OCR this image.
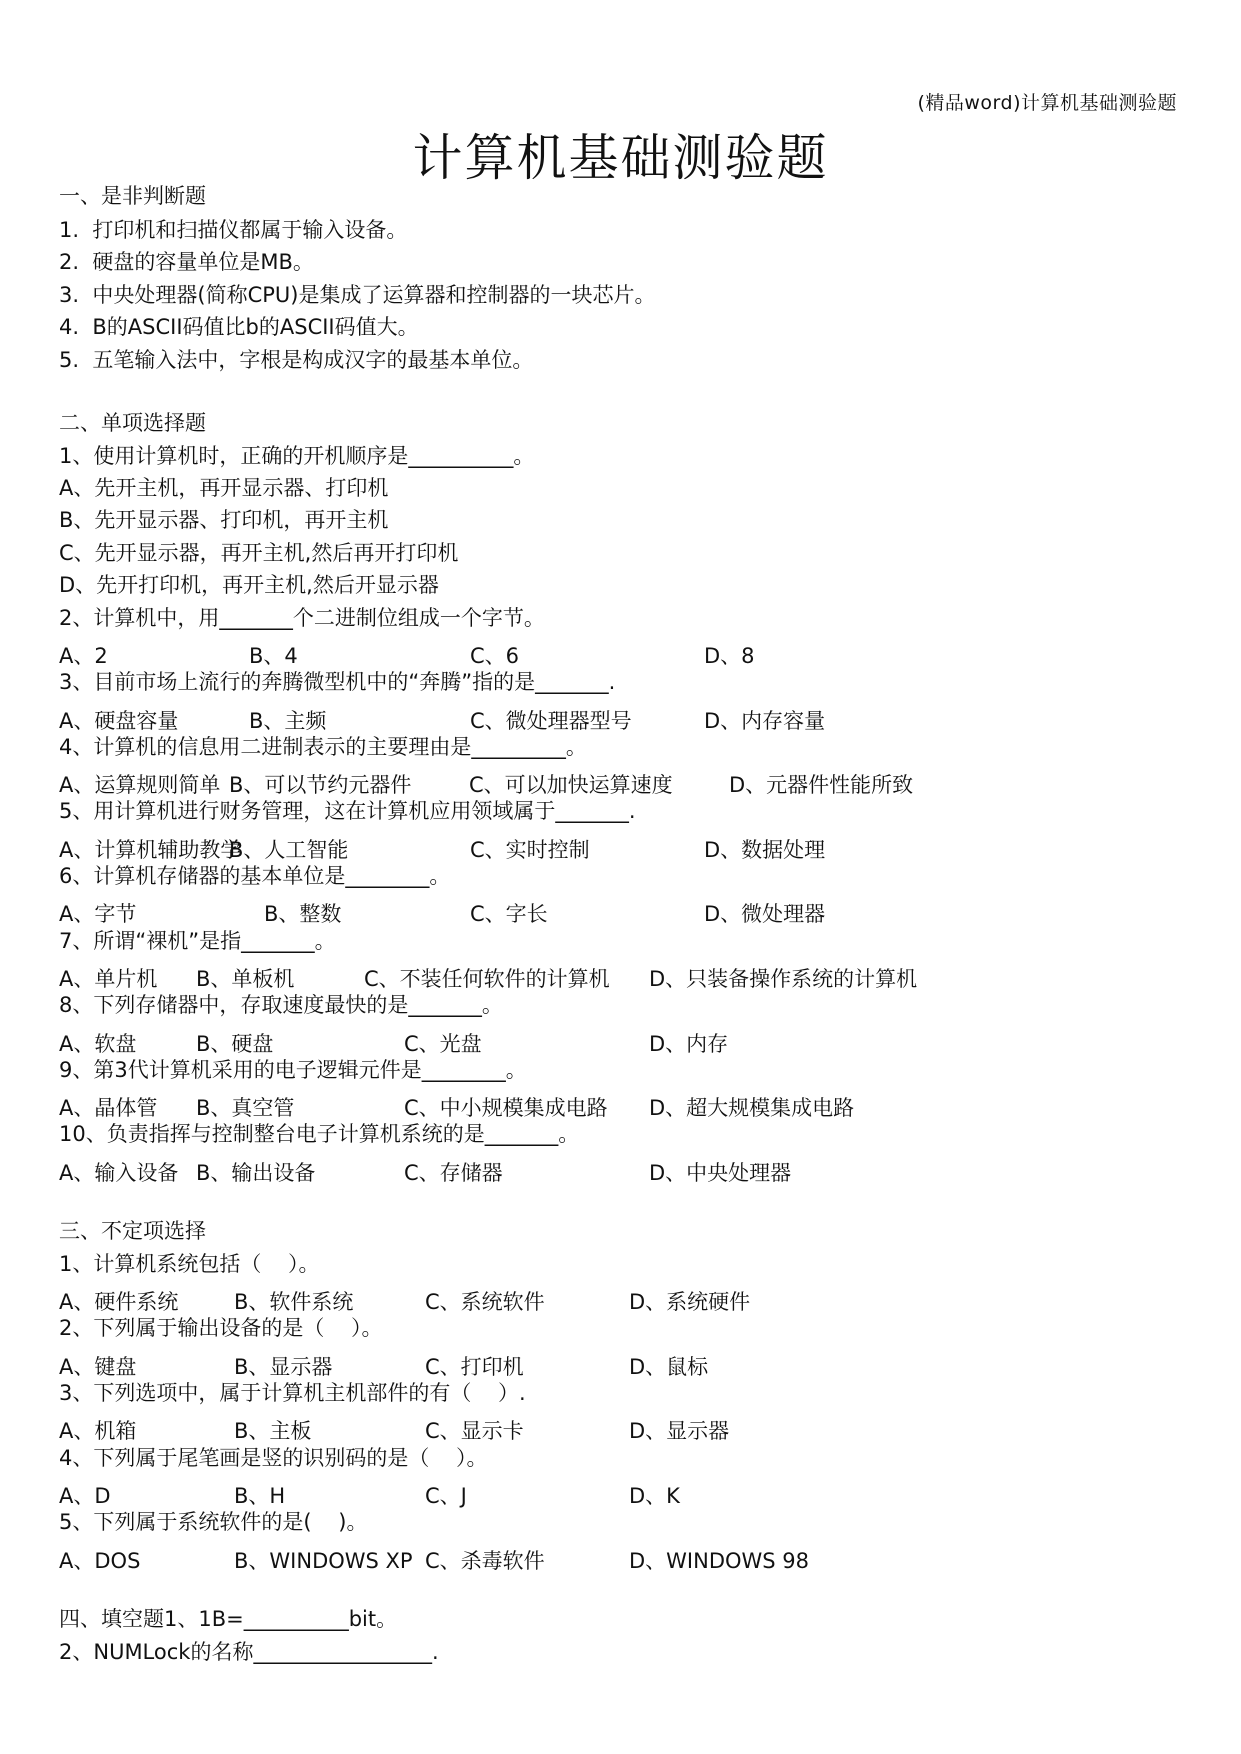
(精品word)计算机基础测验题
计算机基础测验题
一、是非判断题
1.  打印机和扫描仪都属于输入设备。
2.  硬盘的容量单位是MB。
3.  中央处理器(简称CPU)是集成了运算器和控制器的一块芯片。
4.  B的ASCII码值比b的ASCII码值大。
5.  五笔输入法中，字根是构成汉字的最基本单位。
二、单项选择题
1、使用计算机时，正确的开机顺序是__________。
A、先开主机，再开显示器、打印机
B、先开显示器、打印机，再开主机
C、先开显示器，再开主机,然后再开打印机
D、先开打印机，再开主机,然后开显示器
2、计算机中，用_______个二进制位组成一个字节。
A、2	B、4	C、6	D、8
3、目前市场上流行的奔腾微型机中的“奔腾”指的是_______.
A、硬盘容量	B、主频	C、微处理器型号	D、内存容量
4、计算机的信息用二进制表示的主要理由是_________。
A、运算规则简单 B、可以节约元器件	C、可以加快运算速度	D、元器件性能所致
5、用计算机进行财务管理，这在计算机应用领域属于_______.
A、计算机辅助教学
B、人工智能	C、实时控制	D、数据处理
6、计算机存储器的基本单位是________。
A、字节	B、整数	C、字长	D、微处理器
7、所谓“裸机”是指_______。
A、单片机 B、单板机	C、不装任何软件的计算机 D、只装备操作系统的计算机
8、下列存储器中，存取速度最快的是_______。
A、软盘	B、硬盘	C、光盘	D、内存
9、第3代计算机采用的电子逻辑元件是________。
A、晶体管 B、真空管	C、中小规模集成电路 D、超大规模集成电路
10、负责指挥与控制整台电子计算机系统的是_______。
A、输入设备 B、输出设备	C、存储器	D、中央处理器
三、不定项选择
1、计算机系统包括（    ）。
A、硬件系统	B、软件系统	C、系统软件	D、系统硬件
2、下列属于输出设备的是（    ）。
A、键盘	B、显示器	C、打印机	D、鼠标
3、下列选项中，属于计算机主机部件的有（    ）.
A、机箱	B、主板	C、显示卡	D、显示器
4、下列属于尾笔画是竖的识别码的是（    ）。
A、D	B、H	C、J	D、K
5、下列属于系统软件的是(    )。
A、DOS	B、WINDOWS XP C、杀毒软件	D、WINDOWS 98
四、填空题1、1B=__________bit。
2、NUMLock的名称_________________.
